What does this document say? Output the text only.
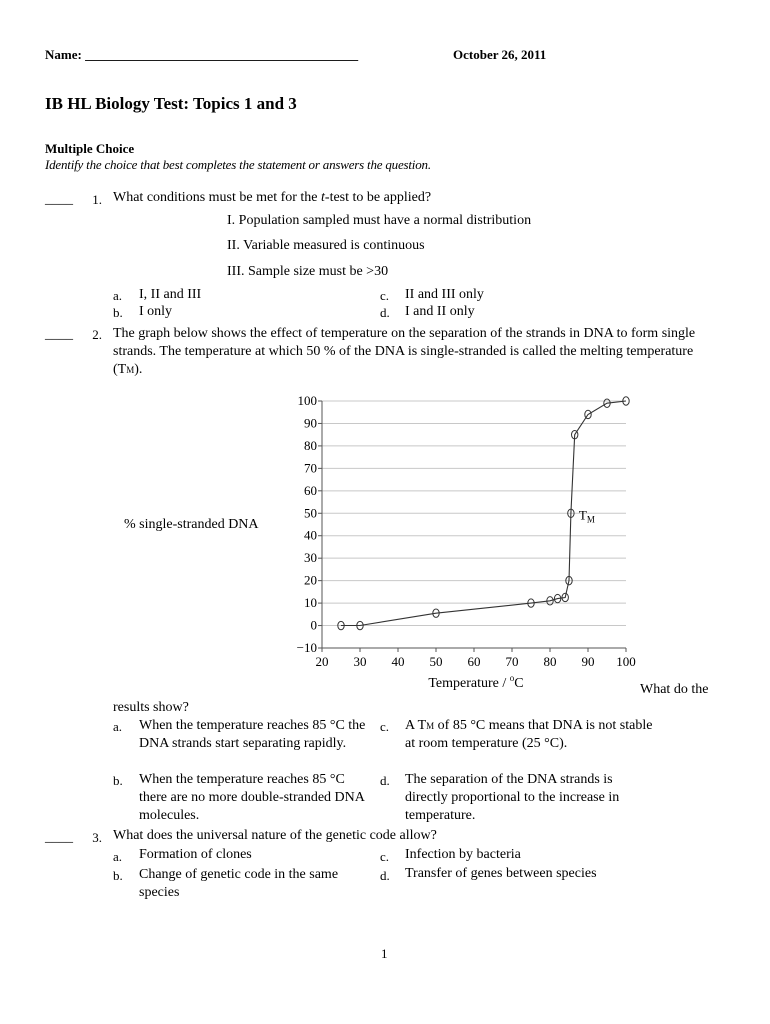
Name: __________________________________________	October 26, 2011
IB HL Biology Test: Topics 1 and 3
Multiple Choice
Identify the choice that best completes the statement or answers the question.
____	1. What conditions must be met for the t-test to be applied?
I. Population sampled must have a normal distribution
II. Variable measured is continuous
III. Sample size must be >30
a. I, II and III
b. I only
c. II and III only
d. I and II only
____	2. The graph below shows the effect of temperature on the separation of the strands in DNA to form single strands. The temperature at which 50 % of the DNA is single-stranded is called the melting temperature (TM).
% single-stranded DNA
−10
0
10
20
30
40
50
60
70
80
90
100
20 30 40 50 60 70 80 90 100
$T_M$
Temperature / $^o$C	What do the
results show?
a. When the temperature reaches 85 °C the DNA strands start separating rapidly.
b. When the temperature reaches 85 °C there are no more double-stranded DNA molecules.
c. A TM of 85 °C means that DNA is not stable at room temperature (25 °C).
d. The separation of the DNA strands is directly proportional to the increase in temperature.
____	3. What does the universal nature of the genetic code allow?
a. Formation of clones
b. Change of genetic code in the same species
c. Infection by bacteria
d. Transfer of genes between species
1
